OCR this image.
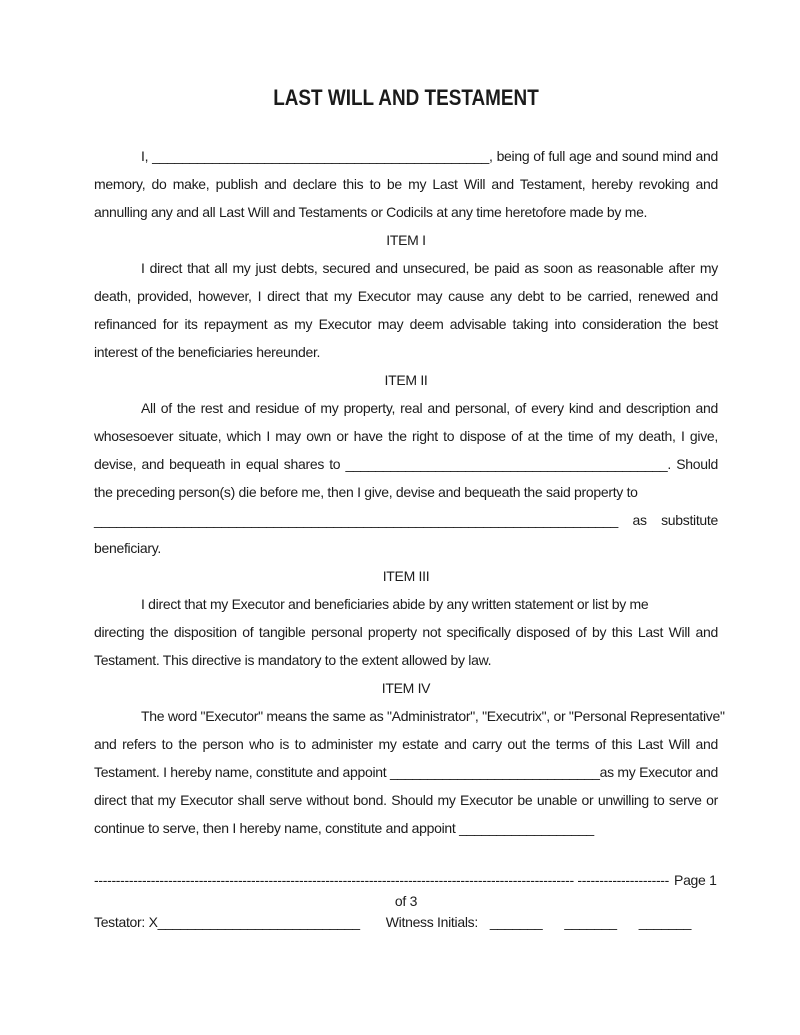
LAST WILL AND TESTAMENT
I, _____________________________________________, being of full age and sound mind and
memory, do make, publish and declare this to be my Last Will and Testament, hereby revoking and
annulling any and all Last Will and Testaments or Codicils at any time heretofore made by me.
ITEM I
I direct that all my just debts, secured and unsecured, be paid as soon as reasonable after my
death, provided, however, I direct that my Executor may cause any debt to be carried, renewed and
refinanced for its repayment as my Executor may deem advisable taking into consideration the best
interest of the beneficiaries hereunder.
ITEM II
All of the rest and residue of my property, real and personal, of every kind and description and
whosesoever situate, which I may own or have the right to dispose of at the time of my death, I give,
devise, and bequeath in equal shares to ___________________________________________. Should
the preceding person(s) die before me, then I give, devise and bequeath the said property to
______________________________________________________________________ as substitute
beneficiary.
ITEM III
I direct that my Executor and beneficiaries abide by any written statement or list by me
directing the disposition of tangible personal property not specifically disposed of by this Last Will and
Testament. This directive is mandatory to the extent allowed by law.
ITEM IV
The word "Executor" means the same as "Administrator", "Executrix", or "Personal Representative"
and refers to the person who is to administer my estate and carry out the terms of this Last Will and
Testament. I hereby name, constitute and appoint ____________________________as my Executor and
direct that my Executor shall serve without bond. Should my Executor be unable or unwilling to serve or
continue to serve, then I hereby name, constitute and appoint __________________
-------------------------------------------------------------------------------------------------------------- --------------------- Page 1
of 3
Testator: X___________________________ Witness Initials: _______ _______ _______
